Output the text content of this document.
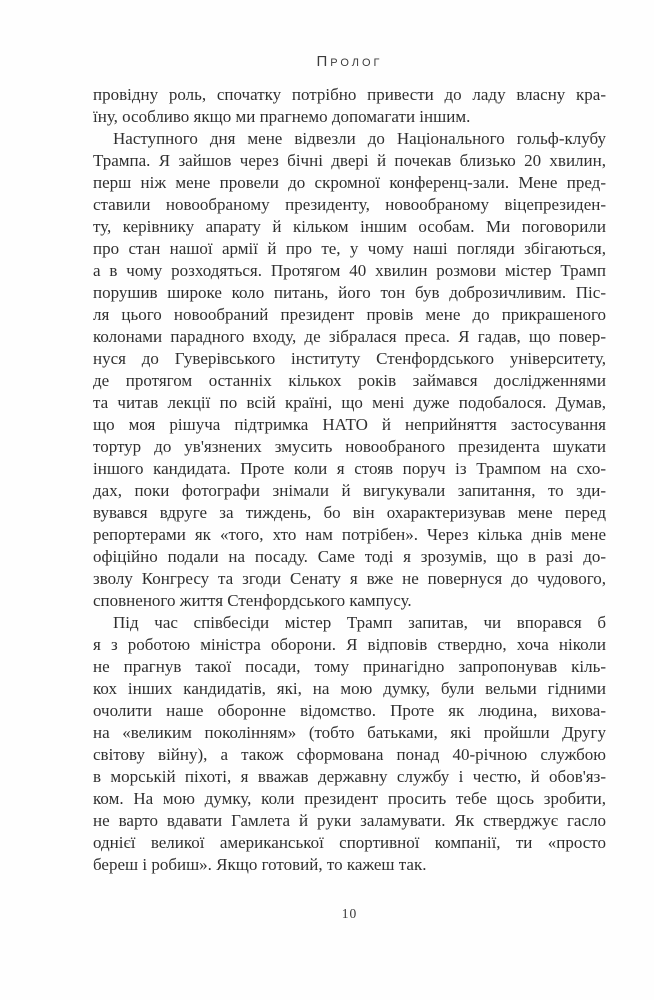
Пролог
провідну роль, спочатку потрібно привести до ладу власну кра-
їну, особливо якщо ми прагнемо допомагати іншим.
Наступного дня мене відвезли до Національного гольф-клубу
Трампа. Я зайшов через бічні двері й почекав близько 20 хвилин,
перш ніж мене провели до скромної конференц-зали. Мене пред-
ставили новообраному президенту, новообраному віцепрезиден-
ту, керівнику апарату й кільком іншим особам. Ми поговорили
про стан нашої армії й про те, у чому наші погляди збігаються,
а в чому розходяться. Протягом 40 хвилин розмови містер Трамп
порушив широке коло питань, його тон був доброзичливим. Піс-
ля цього новообраний президент провів мене до прикрашеного
колонами парадного входу, де зібралася преса. Я гадав, що повер-
нуся до Гуверівського інституту Стенфордського університету,
де протягом останніх кількох років займався дослідженнями
та читав лекції по всій країні, що мені дуже подобалося. Думав,
що моя рішуча підтримка НАТО й неприйняття застосування
тортур до ув'язнених змусить новообраного президента шукати
іншого кандидата. Проте коли я стояв поруч із Трампом на схо-
дах, поки фотографи знімали й вигукували запитання, то зди-
вувався вдруге за тиждень, бо він охарактеризував мене перед
репортерами як «того, хто нам потрібен». Через кілька днів мене
офіційно подали на посаду. Саме тоді я зрозумів, що в разі до-
зволу Конгресу та згоди Сенату я вже не повернуся до чудового,
сповненого життя Стенфордського кампусу.
Під час співбесіди містер Трамп запитав, чи впорався б
я з роботою міністра оборони. Я відповів ствердно, хоча ніколи
не прагнув такої посади, тому принагідно запропонував кіль-
кох інших кандидатів, які, на мою думку, були вельми гідними
очолити наше оборонне відомство. Проте як людина, вихова-
на «великим поколінням» (тобто батьками, які пройшли Другу
світову війну), а також сформована понад 40-річною службою
в морській піхоті, я вважав державну службу і честю, й обов'яз-
ком. На мою думку, коли президент просить тебе щось зробити,
не варто вдавати Гамлета й руки заламувати. Як стверджує гасло
однієї великої американської спортивної компанії, ти «просто
береш і робиш». Якщо готовий, то кажеш так.
10
